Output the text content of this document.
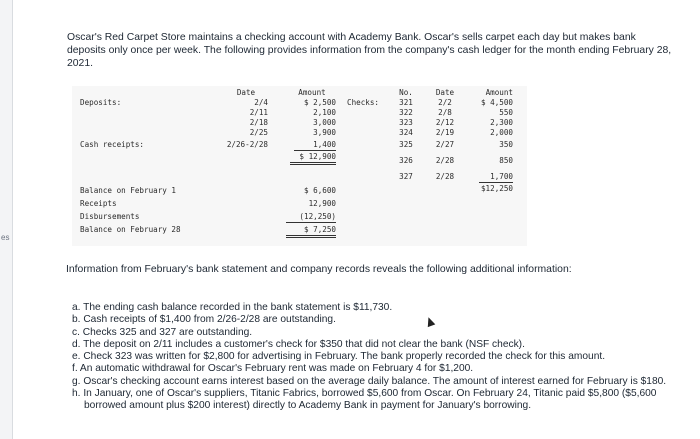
es

Oscar's Red Carpet Store maintains a checking account with Academy Bank. Oscar's sells carpet each day but makes bank deposits only once per week. The following provides information from the company's cash ledger for the month ending February 28, 2021.

Deposits:
Date	Amount
Checks:
No.	Date	Amount
2/4	$ 2,500
2/11	2,100
2/18	3,000
2/25	3,900
Cash receipts:	2/26-2/28	1,400
$ 12,900
321	2/2	$ 4,500
322	2/8	550
323	2/12	2,300
324	2/19	2,000
325	2/27	350
326	2/28	850
327	2/28	1,700
$12,250
Balance on February 1	$ 6,600
Receipts	12,900
Disbursements	(12,250)
Balance on February 28	$ 7,250

Information from February's bank statement and company records reveals the following additional information:

a. The ending cash balance recorded in the bank statement is $11,730.
b. Cash receipts of $1,400 from 2/26-2/28 are outstanding.
c. Checks 325 and 327 are outstanding.
d. The deposit on 2/11 includes a customer's check for $350 that did not clear the bank (NSF check).
e. Check 323 was written for $2,800 for advertising in February. The bank properly recorded the check for this amount.
f. An automatic withdrawal for Oscar's February rent was made on February 4 for $1,200.
g. Oscar's checking account earns interest based on the average daily balance. The amount of interest earned for February is $180.
h. In January, one of Oscar's suppliers, Titanic Fabrics, borrowed $5,600 from Oscar. On February 24, Titanic paid $5,800 ($5,600 borrowed amount plus $200 interest) directly to Academy Bank in payment for January's borrowing.
